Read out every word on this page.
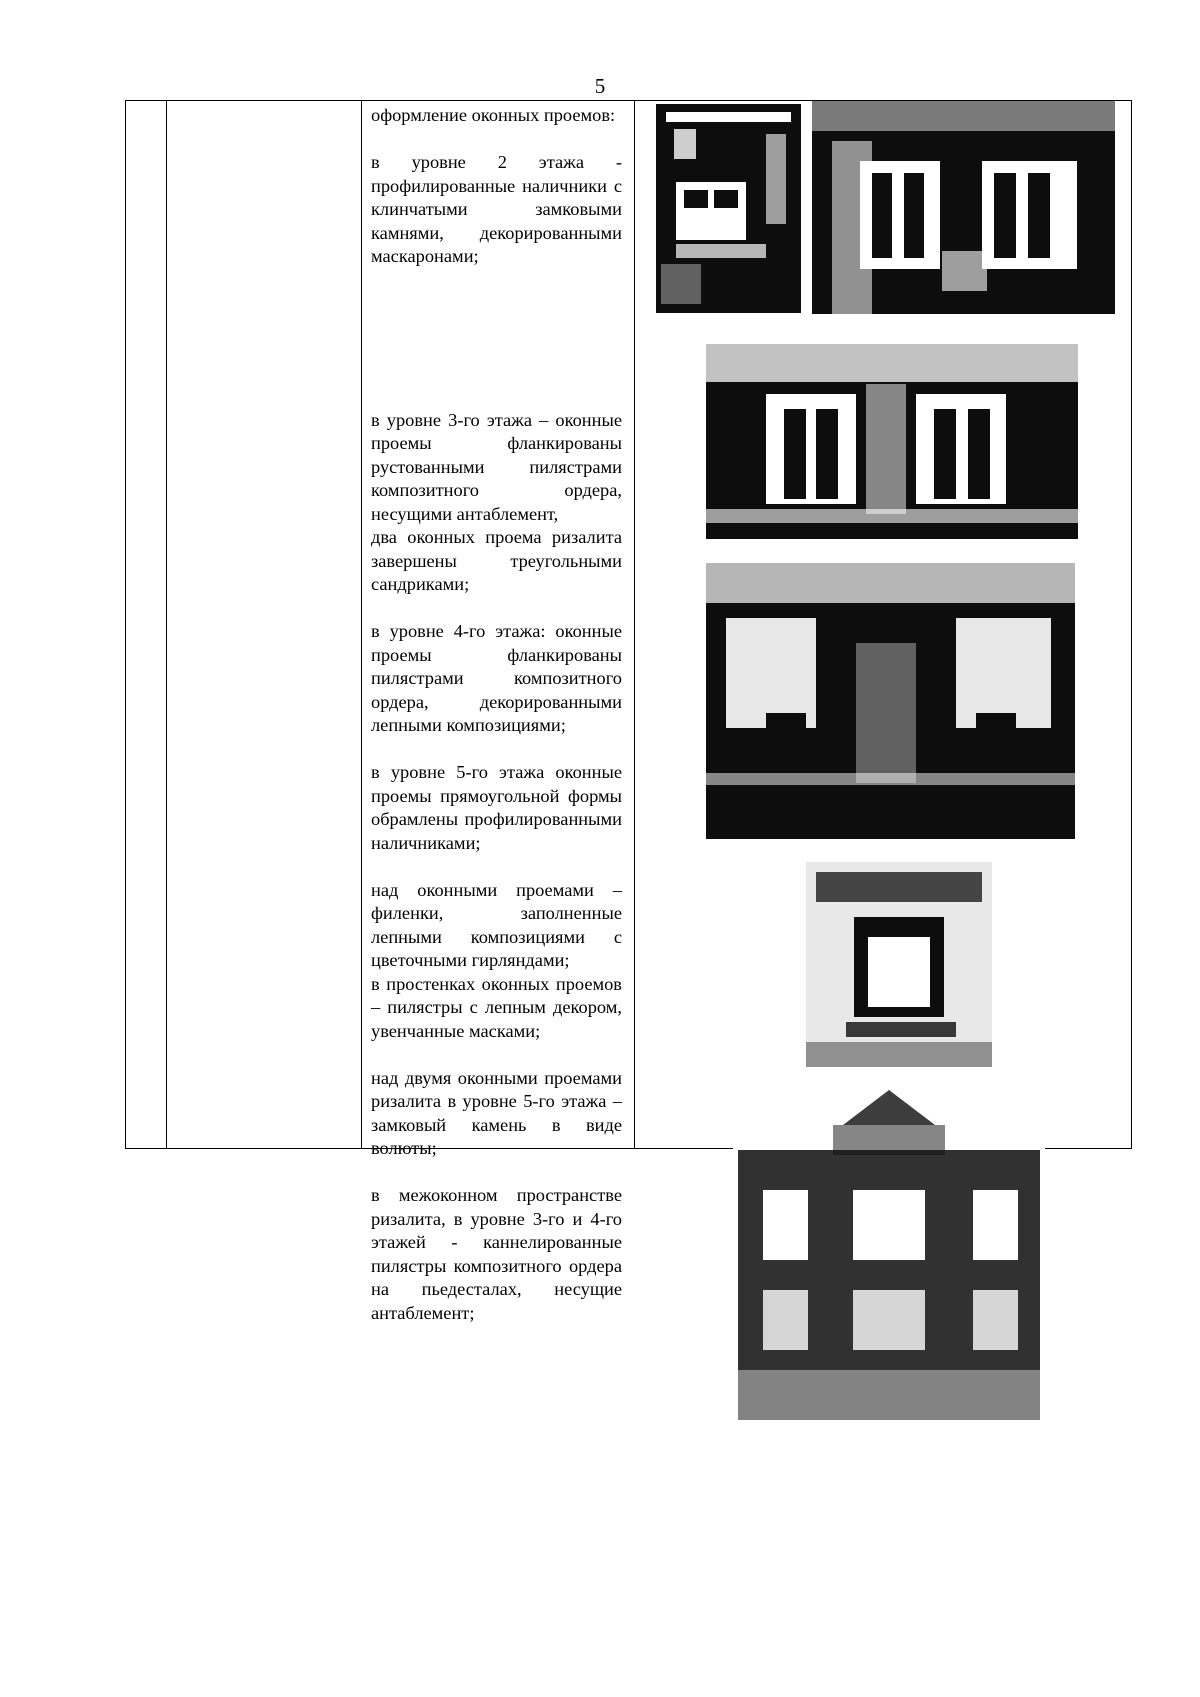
5

оформление оконных проемов:

в уровне 2 этажа - профилированные наличники с клинчатыми замковыми камнями, декорированными маскаронами;

в уровне 3-го этажа – оконные проемы фланкированы рустованными пилястрами композитного ордера, несущими антаблемент,

два оконных проема ризалита завершены треугольными сандриками;

в уровне 4-го этажа: оконные проемы фланкированы пилястрами композитного ордера, декорированными лепными композициями;

в уровне 5-го этажа оконные проемы прямоугольной формы обрамлены профилированными наличниками;

над оконными проемами – филенки, заполненные лепными композициями с цветочными гирляндами;

в простенках оконных проемов – пилястры с лепным декором, увенчанные масками;

над двумя оконными проемами ризалита в уровне 5-го этажа – замковый камень в виде волюты;

в межоконном пространстве ризалита, в уровне 3-го и 4-го этажей - каннелированные пилястры композитного ордера на пьедесталах, несущие антаблемент;
